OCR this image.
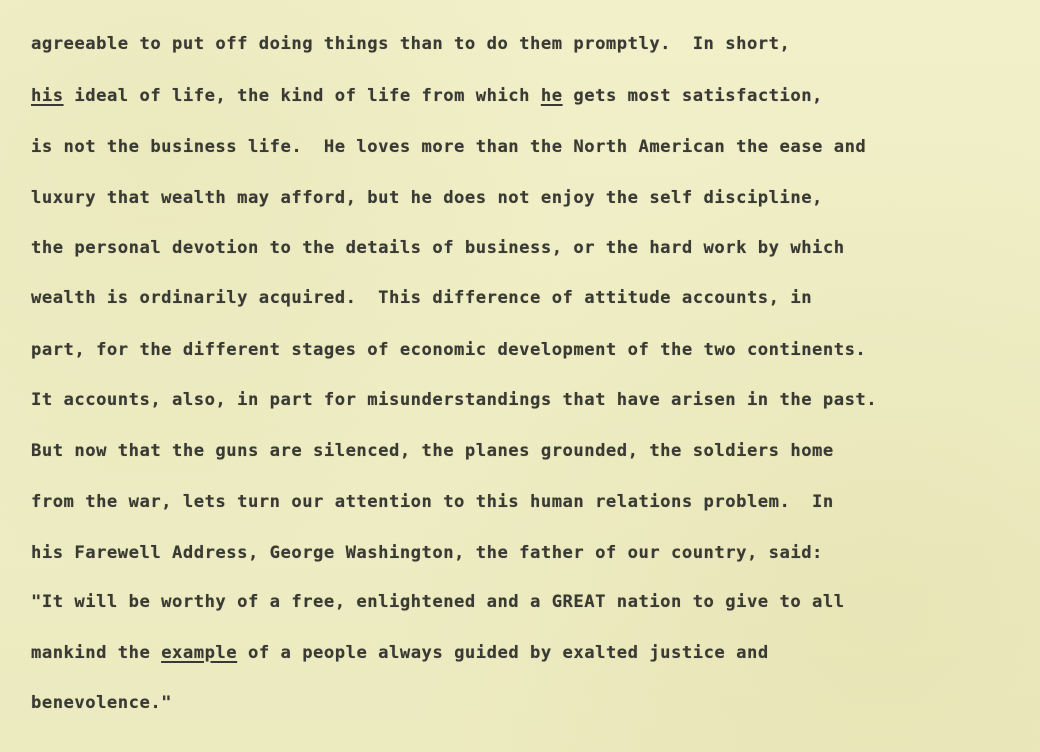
agreeable to put off doing things than to do them promptly.  In short,
his ideal of life, the kind of life from which he gets most satisfaction,
is not the business life.  He loves more than the North American the ease and
luxury that wealth may afford, but he does not enjoy the self discipline,
the personal devotion to the details of business, or the hard work by which
wealth is ordinarily acquired.  This difference of attitude accounts, in
part, for the different stages of economic development of the two continents.
It accounts, also, in part for misunderstandings that have arisen in the past.
But now that the guns are silenced, the planes grounded, the soldiers home
from the war, lets turn our attention to this human relations problem.  In
his Farewell Address, George Washington, the father of our country, said:
"It will be worthy of a free, enlightened and a GREAT nation to give to all
mankind the example of a people always guided by exalted justice and
benevolence."
